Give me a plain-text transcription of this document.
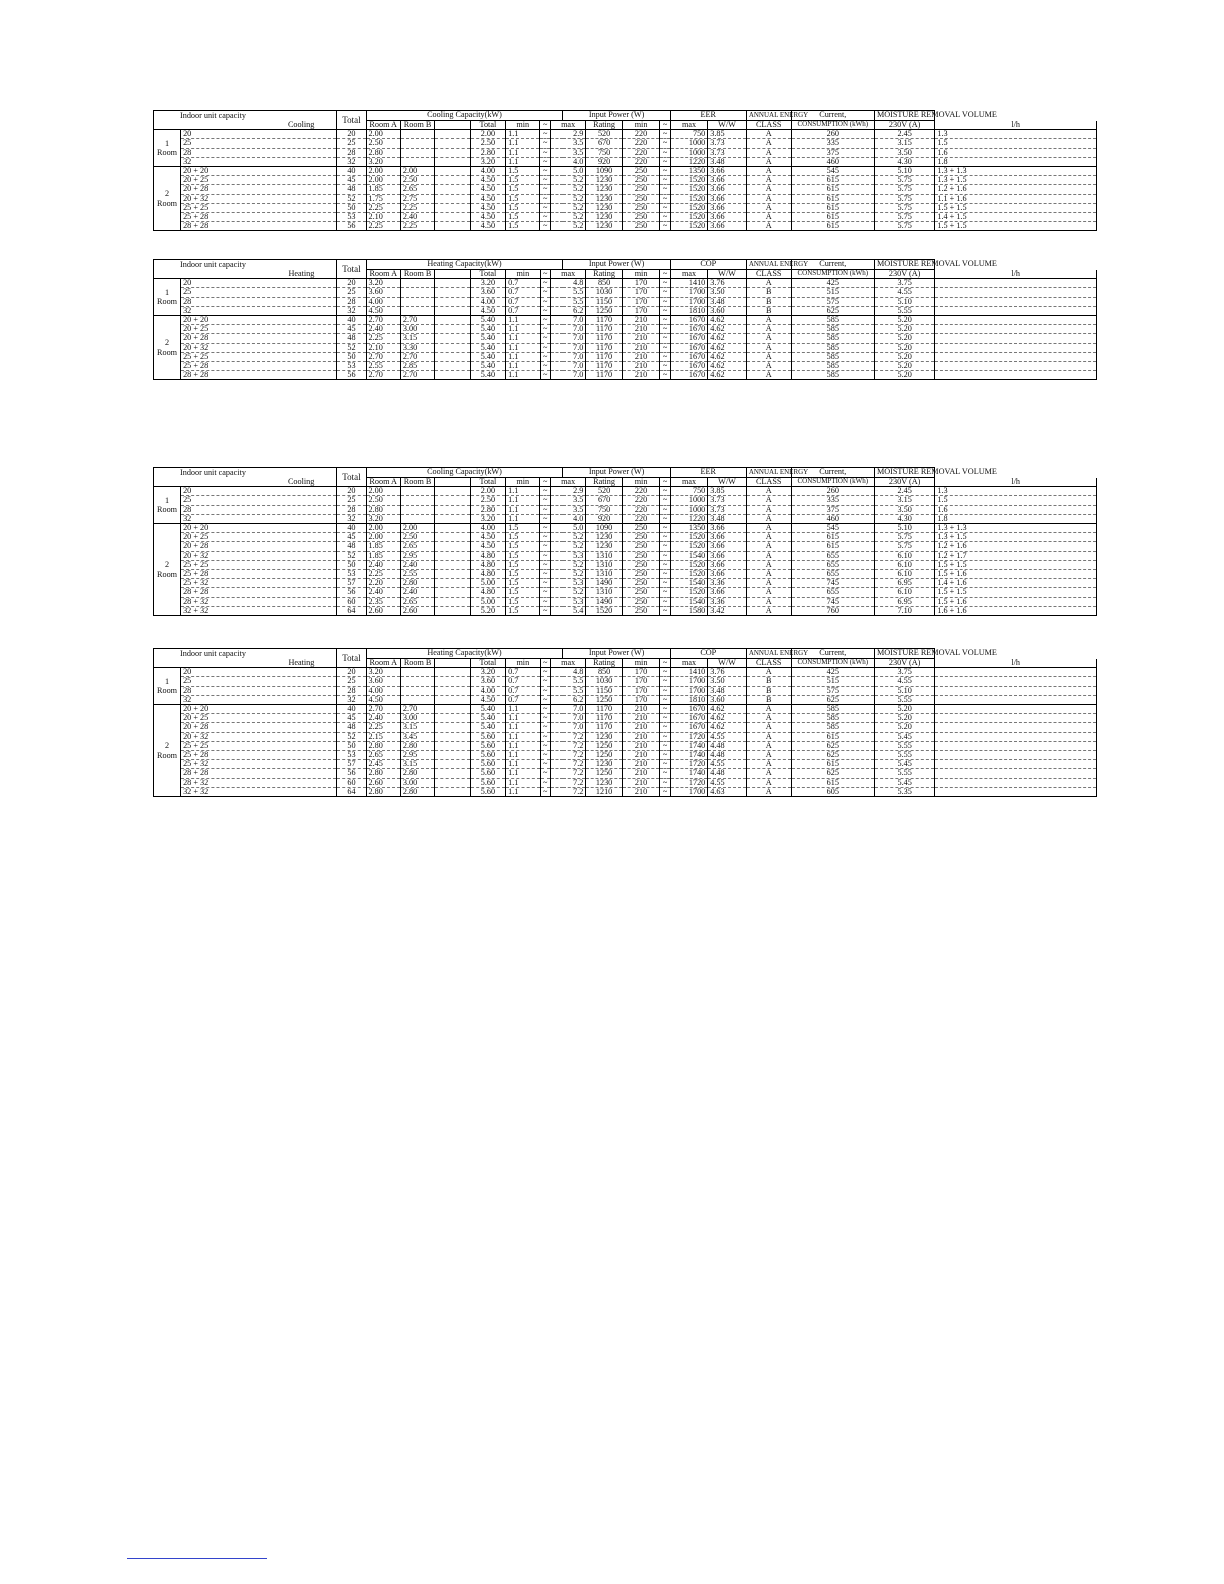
Indoor unit capacity		Total	Cooling Capacity(kW)							Input Power (W)				EER		ANNUAL ENERGY	Current,	MOISTURE REMOVAL VOLUME	
Cooling			Room A	Room B		Total	min	~	max		Rating	min	~	max	W/W	CLASS	CONSUMPTION (kWh)	230V (A)	l/h

1
Room	20	20	2.00			2.00	1.1	~	2.9		520	220	~	750	3.85	A	260	2.45	1.3
	25	25	2.50			2.50	1.1	~	3.5		670	220	~	1000	3.73	A	335	3.15	1.5
	28	28	2.80			2.80	1.1	~	3.5		750	220	~	1000	3.73	A	375	3.50	1.6
	32	32	3.20			3.20	1.1	~	4.0		920	220	~	1220	3.48	A	460	4.30	1.8

2
Room	20 + 20	40	2.00	2.00		4.00	1.5	~	5.0		1090	250	~	1350	3.66	A	545	5.10	1.3 + 1.3
	20 + 25	45	2.00	2.50		4.50	1.5	~	5.2		1230	250	~	1520	3.66	A	615	5.75	1.3 + 1.5
	20 + 28	48	1.85	2.65		4.50	1.5	~	5.2		1230	250	~	1520	3.66	A	615	5.75	1.2 + 1.6
	20 + 32	52	1.75	2.75		4.50	1.5	~	5.2		1230	250	~	1520	3.66	A	615	5.75	1.1 + 1.6
	25 + 25	50	2.25	2.25		4.50	1.5	~	5.2		1230	250	~	1520	3.66	A	615	5.75	1.5 + 1.5
	25 + 28	53	2.10	2.40		4.50	1.5	~	5.2		1230	250	~	1520	3.66	A	615	5.75	1.4 + 1.5
	28 + 28	56	2.25	2.25		4.50	1.5	~	5.2		1230	250	~	1520	3.66	A	615	5.75	1.5 + 1.5
Indoor unit capacity		Total	Heating Capacity(kW)							Input Power (W)				COP		ANNUAL ENERGY	Current,	MOISTURE REMOVAL VOLUME	
Heating			Room A	Room B		Total	min	~	max		Rating	min	~	max	W/W	CLASS	CONSUMPTION (kWh)	230V (A)	l/h

1
Room	20	20	3.20			3.20	0.7	~	4.8		850	170	~	1410	3.76	A	425	3.75	
	25	25	3.60			3.60	0.7	~	5.5		1030	170	~	1700	3.50	B	515	4.55	
	28	28	4.00			4.00	0.7	~	5.5		1150	170	~	1700	3.48	B	575	5.10	
	32	32	4.50			4.50	0.7	~	6.2		1250	170	~	1810	3.60	B	625	5.55	

2
Room	20 + 20	40	2.70	2.70		5.40	1.1	~	7.0		1170	210	~	1670	4.62	A	585	5.20	
	20 + 25	45	2.40	3.00		5.40	1.1	~	7.0		1170	210	~	1670	4.62	A	585	5.20	
	20 + 28	48	2.25	3.15		5.40	1.1	~	7.0		1170	210	~	1670	4.62	A	585	5.20	
	20 + 32	52	2.10	3.30		5.40	1.1	~	7.0		1170	210	~	1670	4.62	A	585	5.20	
	25 + 25	50	2.70	2.70		5.40	1.1	~	7.0		1170	210	~	1670	4.62	A	585	5.20	
	25 + 28	53	2.55	2.85		5.40	1.1	~	7.0		1170	210	~	1670	4.62	A	585	5.20	
	28 + 28	56	2.70	2.70		5.40	1.1	~	7.0		1170	210	~	1670	4.62	A	585	5.20	
Indoor unit capacity		Total	Cooling Capacity(kW)							Input Power (W)				EER		ANNUAL ENERGY	Current,	MOISTURE REMOVAL VOLUME	
Cooling			Room A	Room B		Total	min	~	max		Rating	min	~	max	W/W	CLASS	CONSUMPTION (kWh)	230V (A)	l/h

1
Room	20	20	2.00			2.00	1.1	~	2.9		520	220	~	750	3.85	A	260	2.45	1.3
	25	25	2.50			2.50	1.1	~	3.5		670	220	~	1000	3.73	A	335	3.15	1.5
	28	28	2.80			2.80	1.1	~	3.5		750	220	~	1000	3.73	A	375	3.50	1.6
	32	32	3.20			3.20	1.1	~	4.0		920	220	~	1220	3.48	A	460	4.30	1.8

2
Room	20 + 20	40	2.00	2.00		4.00	1.5	~	5.0		1090	250	~	1350	3.66	A	545	5.10	1.3 + 1.3
	20 + 25	45	2.00	2.50		4.50	1.5	~	5.2		1230	250	~	1520	3.66	A	615	5.75	1.3 + 1.5
	20 + 28	48	1.85	2.65		4.50	1.5	~	5.2		1230	250	~	1520	3.66	A	615	5.75	1.2 + 1.6
	20 + 32	52	1.85	2.95		4.80	1.5	~	5.3		1310	250	~	1540	3.66	A	655	6.10	1.2 + 1.7
	25 + 25	50	2.40	2.40		4.80	1.5	~	5.2		1310	250	~	1520	3.66	A	655	6.10	1.5 + 1.5
	25 + 28	53	2.25	2.55		4.80	1.5	~	5.2		1310	250	~	1520	3.66	A	655	6.10	1.5 + 1.6
	25 + 32	57	2.20	2.80		5.00	1.5	~	5.3		1490	250	~	1540	3.36	A	745	6.95	1.4 + 1.6
	28 + 28	56	2.40	2.40		4.80	1.5	~	5.2		1310	250	~	1520	3.66	A	655	6.10	1.5 + 1.5
	28 + 32	60	2.35	2.65		5.00	1.5	~	5.3		1490	250	~	1540	3.36	A	745	6.95	1.5 + 1.6
	32 + 32	64	2.60	2.60		5.20	1.5	~	5.4		1520	250	~	1580	3.42	A	760	7.10	1.6 + 1.6
Indoor unit capacity		Total	Heating Capacity(kW)							Input Power (W)				COP		ANNUAL ENERGY	Current,	MOISTURE REMOVAL VOLUME	
Heating			Room A	Room B		Total	min	~	max		Rating	min	~	max	W/W	CLASS	CONSUMPTION (kWh)	230V (A)	l/h

1
Room	20	20	3.20			3.20	0.7	~	4.8		850	170	~	1410	3.76	A	425	3.75	
	25	25	3.60			3.60	0.7	~	5.5		1030	170	~	1700	3.50	B	515	4.55	
	28	28	4.00			4.00	0.7	~	5.5		1150	170	~	1700	3.48	B	575	5.10	
	32	32	4.50			4.50	0.7	~	6.2		1250	170	~	1810	3.60	B	625	5.55	

2
Room	20 + 20	40	2.70	2.70		5.40	1.1	~	7.0		1170	210	~	1670	4.62	A	585	5.20	
	20 + 25	45	2.40	3.00		5.40	1.1	~	7.0		1170	210	~	1670	4.62	A	585	5.20	
	20 + 28	48	2.25	3.15		5.40	1.1	~	7.0		1170	210	~	1670	4.62	A	585	5.20	
	20 + 32	52	2.15	3.45		5.60	1.1	~	7.2		1230	210	~	1720	4.55	A	615	5.45	
	25 + 25	50	2.80	2.80		5.60	1.1	~	7.2		1250	210	~	1740	4.48	A	625	5.55	
	25 + 28	53	2.65	2.95		5.60	1.1	~	7.2		1250	210	~	1740	4.48	A	625	5.55	
	25 + 32	57	2.45	3.15		5.60	1.1	~	7.2		1230	210	~	1720	4.55	A	615	5.45	
	28 + 28	56	2.80	2.80		5.60	1.1	~	7.2		1250	210	~	1740	4.48	A	625	5.55	
	28 + 32	60	2.60	3.00		5.60	1.1	~	7.2		1230	210	~	1720	4.55	A	615	5.45	
	32 + 32	64	2.80	2.80		5.60	1.1	~	7.2		1210	210	~	1700	4.63	A	605	5.35	
